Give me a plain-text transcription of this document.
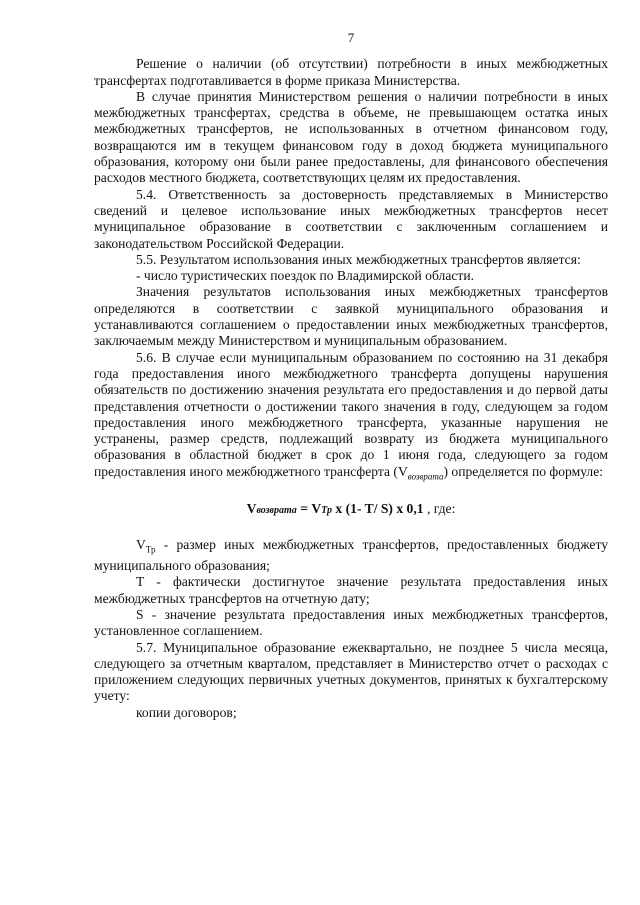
7

Решение о наличии (об отсутствии) потребности в иных межбюджетных трансфертах подготавливается в форме приказа Министерства.

В случае принятия Министерством решения о наличии потребности в иных межбюджетных трансфертах, средства в объеме, не превышающем остатка иных межбюджетных трансфертов, не использованных в отчетном финансовом году, возвращаются им в текущем финансовом году в доход бюджета муниципального образования, которому они были ранее предоставлены, для финансового обеспечения расходов местного бюджета, соответствующих целям их предоставления.

5.4. Ответственность за достоверность представляемых в Министерство сведений и целевое использование иных межбюджетных трансфертов несет муниципальное образование в соответствии с заключенным соглашением и законодательством Российской Федерации.

5.5. Результатом использования иных межбюджетных трансфертов является:

- число туристических поездок по Владимирской области.

Значения результатов использования иных межбюджетных трансфертов определяются в соответствии с заявкой муниципального образования и устанавливаются соглашением о предоставлении иных межбюджетных трансфертов, заключаемым между Министерством и муниципальным образованием.

5.6. В случае если муниципальным образованием по состоянию на 31 декабря года предоставления иного межбюджетного трансферта допущены нарушения обязательств по достижению значения результата его предоставления и до первой даты представления отчетности о достижении такого значения в году, следующем за годом предоставления иного межбюджетного трансферта, указанные нарушения не устранены, размер средств, подлежащий возврату из бюджета муниципального образования в областной бюджет в срок до 1 июня года, следующего за годом предоставления иного межбюджетного трансферта $(V_{возврата})$ определяется по формуле:

Vвозврата = VТр x (1- T/ S) x 0,1 , где:

$V_{Тр}$ - размер иных межбюджетных трансфертов, предоставленных бюджету муниципального образования;

T - фактически достигнутое значение результата предоставления иных межбюджетных трансфертов на отчетную дату;

S - значение результата предоставления иных межбюджетных трансфертов, установленное соглашением.

5.7. Муниципальное образование ежеквартально, не позднее 5 числа месяца, следующего за отчетным кварталом, представляет в Министерство отчет о расходах с приложением следующих первичных учетных документов, принятых к бухгалтерскому учету:

копии договоров;
